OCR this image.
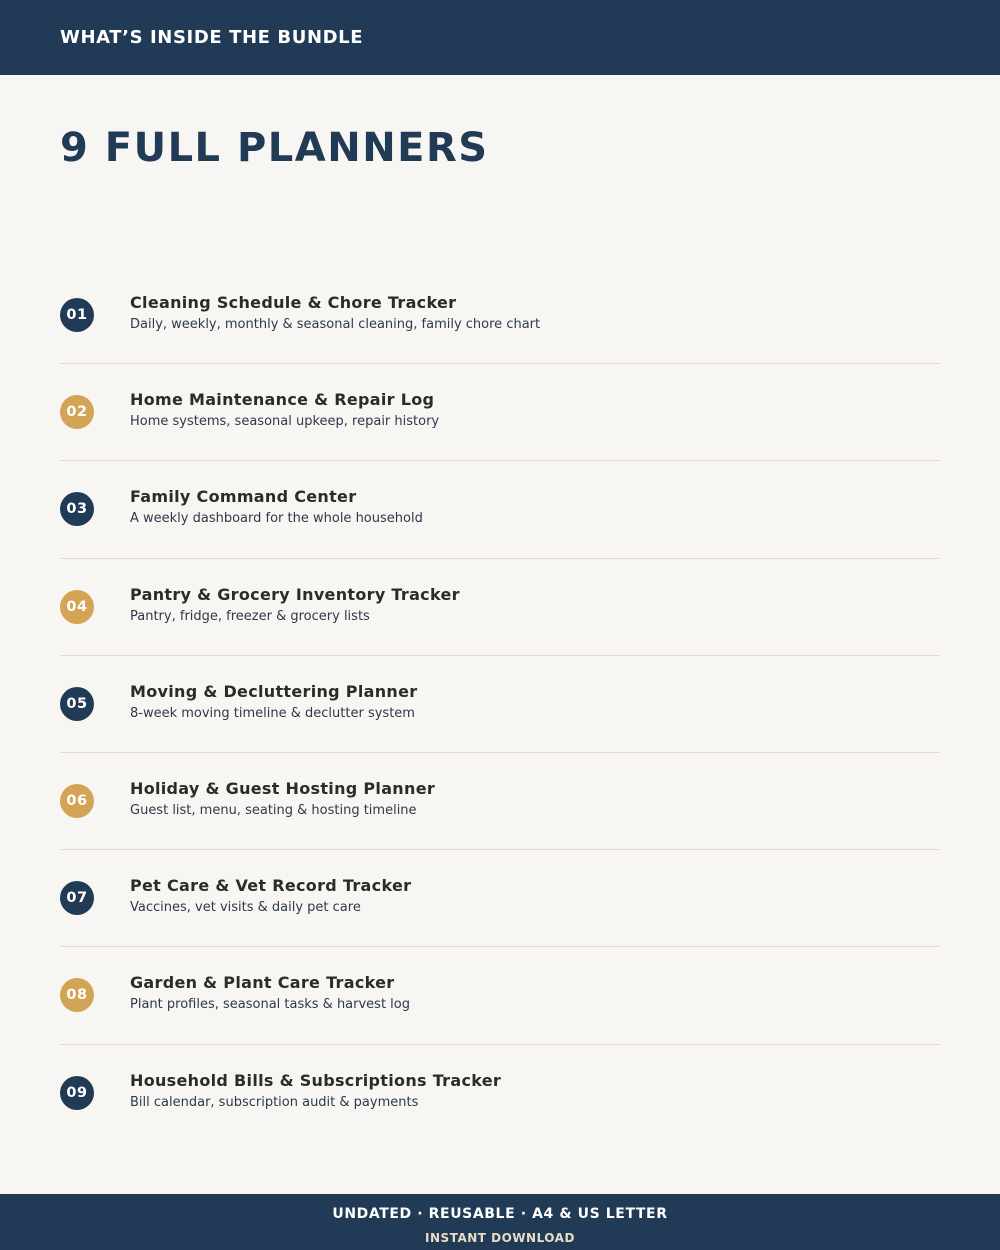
WHAT’S INSIDE THE BUNDLE
9 FULL PLANNERS
01
Cleaning Schedule & Chore Tracker
Daily, weekly, monthly & seasonal cleaning, family chore chart
02
Home Maintenance & Repair Log
Home systems, seasonal upkeep, repair history
03
Family Command Center
A weekly dashboard for the whole household
04
Pantry & Grocery Inventory Tracker
Pantry, fridge, freezer & grocery lists
05
Moving & Decluttering Planner
8-week moving timeline & declutter system
06
Holiday & Guest Hosting Planner
Guest list, menu, seating & hosting timeline
07
Pet Care & Vet Record Tracker
Vaccines, vet visits & daily pet care
08
Garden & Plant Care Tracker
Plant profiles, seasonal tasks & harvest log
09
Household Bills & Subscriptions Tracker
Bill calendar, subscription audit & payments
UNDATED · REUSABLE · A4 & US LETTER
INSTANT DOWNLOAD
